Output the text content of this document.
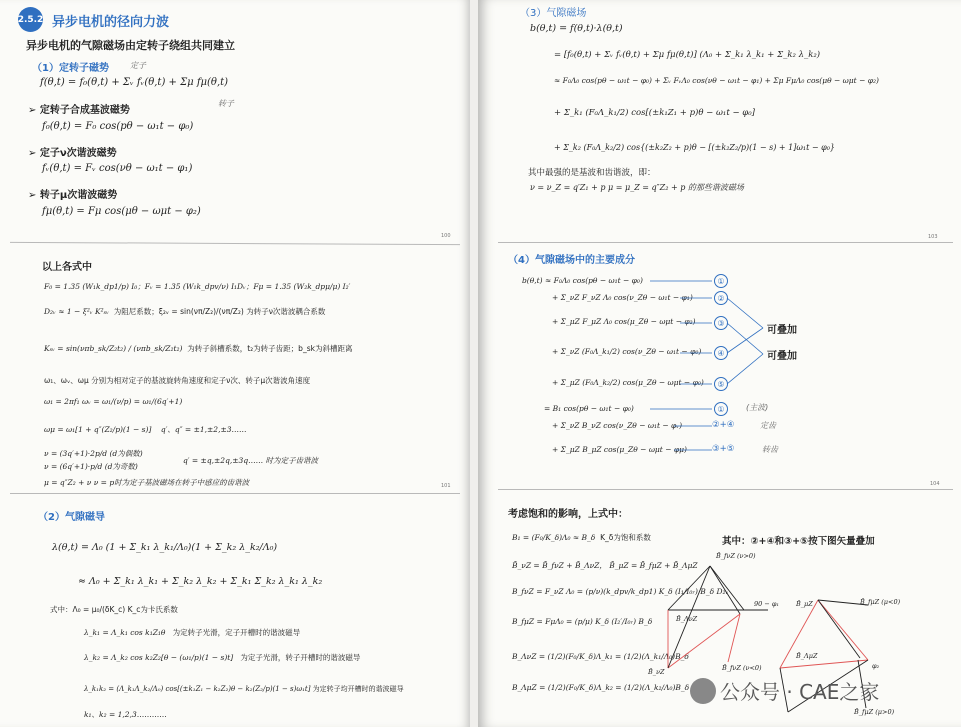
2.5.2 异步电机的径向力波
异步电机的气隙磁场由定转子绕组共同建立
（1）定转子磁势
f(θ,t) = f₀(θ,t) + Σᵥ fᵥ(θ,t) + Σμ fμ(θ,t)
定子
转子
➢ 定转子合成基波磁势
f₀(θ,t) = F₀ cos(pθ − ω₁t − φ₀)
➢ 定子ν次谐波磁势
fᵥ(θ,t) = Fᵥ cos(νθ − ω₁t − φ₁)
➢ 转子μ次谐波磁势
fμ(θ,t) = Fμ cos(μθ − ωμt − φ₂)
100
以上各式中
F₀ = 1.35 (W₁k_dp1/p) I₀；Fᵥ = 1.35 (W₁k_dpv/ν) I₁Dᵥ；Fμ = 1.35 (W₂k_dpμ/μ) I₂′
D₂ᵥ ≈ 1 − ξ²ᵥ K²ₛᵥ 为阻尼系数；ξ₂ᵥ = sin(νπ/Z₂)/(νπ/Z₂) 为转子ν次谐波耦合系数
Kₛᵥ = sin(νπb_sk/Z₂t₂) / (νπb_sk/Z₂t₂) 为转子斜槽系数，t₂为转子齿距；b_sk为斜槽距离
ω₁、ωᵥ、ωμ 分别为相对定子的基波旋转角速度和定子ν次、转子μ次谐波角速度
ω₁ = 2πf₁ ωᵥ = ω₁/(ν/p) = ω₁/(6q′+1)
ωμ = ω₁[1 + q″(Z₂/p)(1 − s)] q′、q″ = ±1,±2,±3……
ν = (3q′+1)·2p/d (d为偶数)
ν = (6q′+1)·p/d (d为奇数)
q′ = ±q,±2q,±3q…… 时为定子齿谐波
μ = q″Z₂ + ν ν = p时为定子基波磁场在转子中感应的齿谐波	101
（2）气隙磁导
λ(θ,t) = Λ₀ (1 + Σ_k₁ λ_k₁/Λ₀)(1 + Σ_k₂ λ_k₂/Λ₀)
≈ Λ₀ + Σ_k₁ λ_k₁ + Σ_k₂ λ_k₂ + Σ_k₁ Σ_k₂ λ_k₁ λ_k₂
式中：Λ₀ = μ₀/(δK_c) K_c为卡氏系数
λ_k₁ = Λ_k₁ cos k₁Z₁θ 为定转子光滑，定子开槽时的谐波磁导
λ_k₂ = Λ_k₂ cos k₂Z₂[θ − (ω₁/p)(1 − s)t] 为定子光滑，转子开槽时的谐波磁导
λ_k₁k₂ = (Λ_k₁Λ_k₂/Λ₀) cos[(±k₁Z₁ − k₂Z₂)θ − k₂(Z₂/p)(1 − s)ω₁t] 为定转子均开槽时的谐波磁导
k₁、k₂ = 1,2,3…………
（3）气隙磁场
b(θ,t) = f(θ,t)·λ(θ,t)
= [f₀(θ,t) + Σᵥ fᵥ(θ,t) + Σμ fμ(θ,t)] (Λ₀ + Σ_k₁ λ_k₁ + Σ_k₂ λ_k₂)
≈ F₀Λ₀ cos(pθ − ω₁t − φ₀) + Σᵥ FᵥΛ₀ cos(νθ − ω₁t − φ₁) + Σμ FμΛ₀ cos(μθ − ωμt − φ₂)
+ Σ_k₁ (F₀Λ_k₁/2) cos[(±k₁Z₁ + p)θ − ω₁t − φ₀]
+ Σ_k₂ (F₀Λ_k₂/2) cos{(±k₂Z₂ + p)θ − [(±k₂Z₂/p)(1 − s) + 1]ω₁t − φ₀}
其中最强的是基波和齿谐波，即：
ν = ν_Z = q′Z₁ + p μ = μ_Z = q″Z₂ + p 的那些谐波磁场
103
（4）气隙磁场中的主要成分
b(θ,t) ≈ F₀Λ₀ cos(pθ − ω₁t − φ₀)
+ Σ_νZ F_νZ Λ₀ cos(ν_Zθ − ω₁t − φ₁)
+ Σ_μZ F_μZ Λ₀ cos(μ_Zθ − ωμt − φ₂)
+ Σ_νZ (F₀Λ_k₁/2) cos(ν_Zθ − ω₁t − φ₀)
+ Σ_μZ (F₀Λ_k₂/2) cos(μ_Zθ − ωμt − φ₀)
= B₁ cos(pθ − ω₁t − φ₀)
+ Σ_νZ B_νZ cos(ν_Zθ − ω₁t − φᵥ)
+ Σ_μZ B_μZ cos(μ_Zθ − ωμt − φμ)
①
②
③
④
⑤
①
②+④
③+⑤
可叠加
可叠加
(主波)
定齿
转齿
104
考虑饱和的影响，上式中：
B₁ = (F₀/K_δ)Λ₀ ≈ B_δ K_δ为饱和系数
B̄_νZ = B̄_fνZ + B̄_ΛνZ， B̄_μZ = B̄_fμZ + B̄_ΛμZ
B_fνZ = F_νZ Λ₀ = (p/ν)(k_dpv/k_dp1) K_δ (I₁/I₀ᵣ) B_δ D₂ᵥ
B_fμZ = FμΛ₀ = (p/μ) K_δ (I₂′/I₀ᵣ) B_δ
B_ΛνZ = (1/2)(F₀/K_δ)Λ_k₁ = (1/2)(Λ_k₁/Λ₀)B_δ
B_ΛμZ = (1/2)(F₀/K_δ)Λ_k₂ = (1/2)(Λ_k₂/Λ₀)B_δ
其中：②+④和③+⑤按下图矢量叠加
B̄_fνZ (ν>0)
90 − φ₁
B̄_fνZ (ν<0)
B̄_ΛνZ
B̄_νZ
B̄_fμZ (μ<0)
B̄_μZ
B̄_ΛμZ
φ₂
B̄_fμZ (μ>0)
公众号 · CAE之家
